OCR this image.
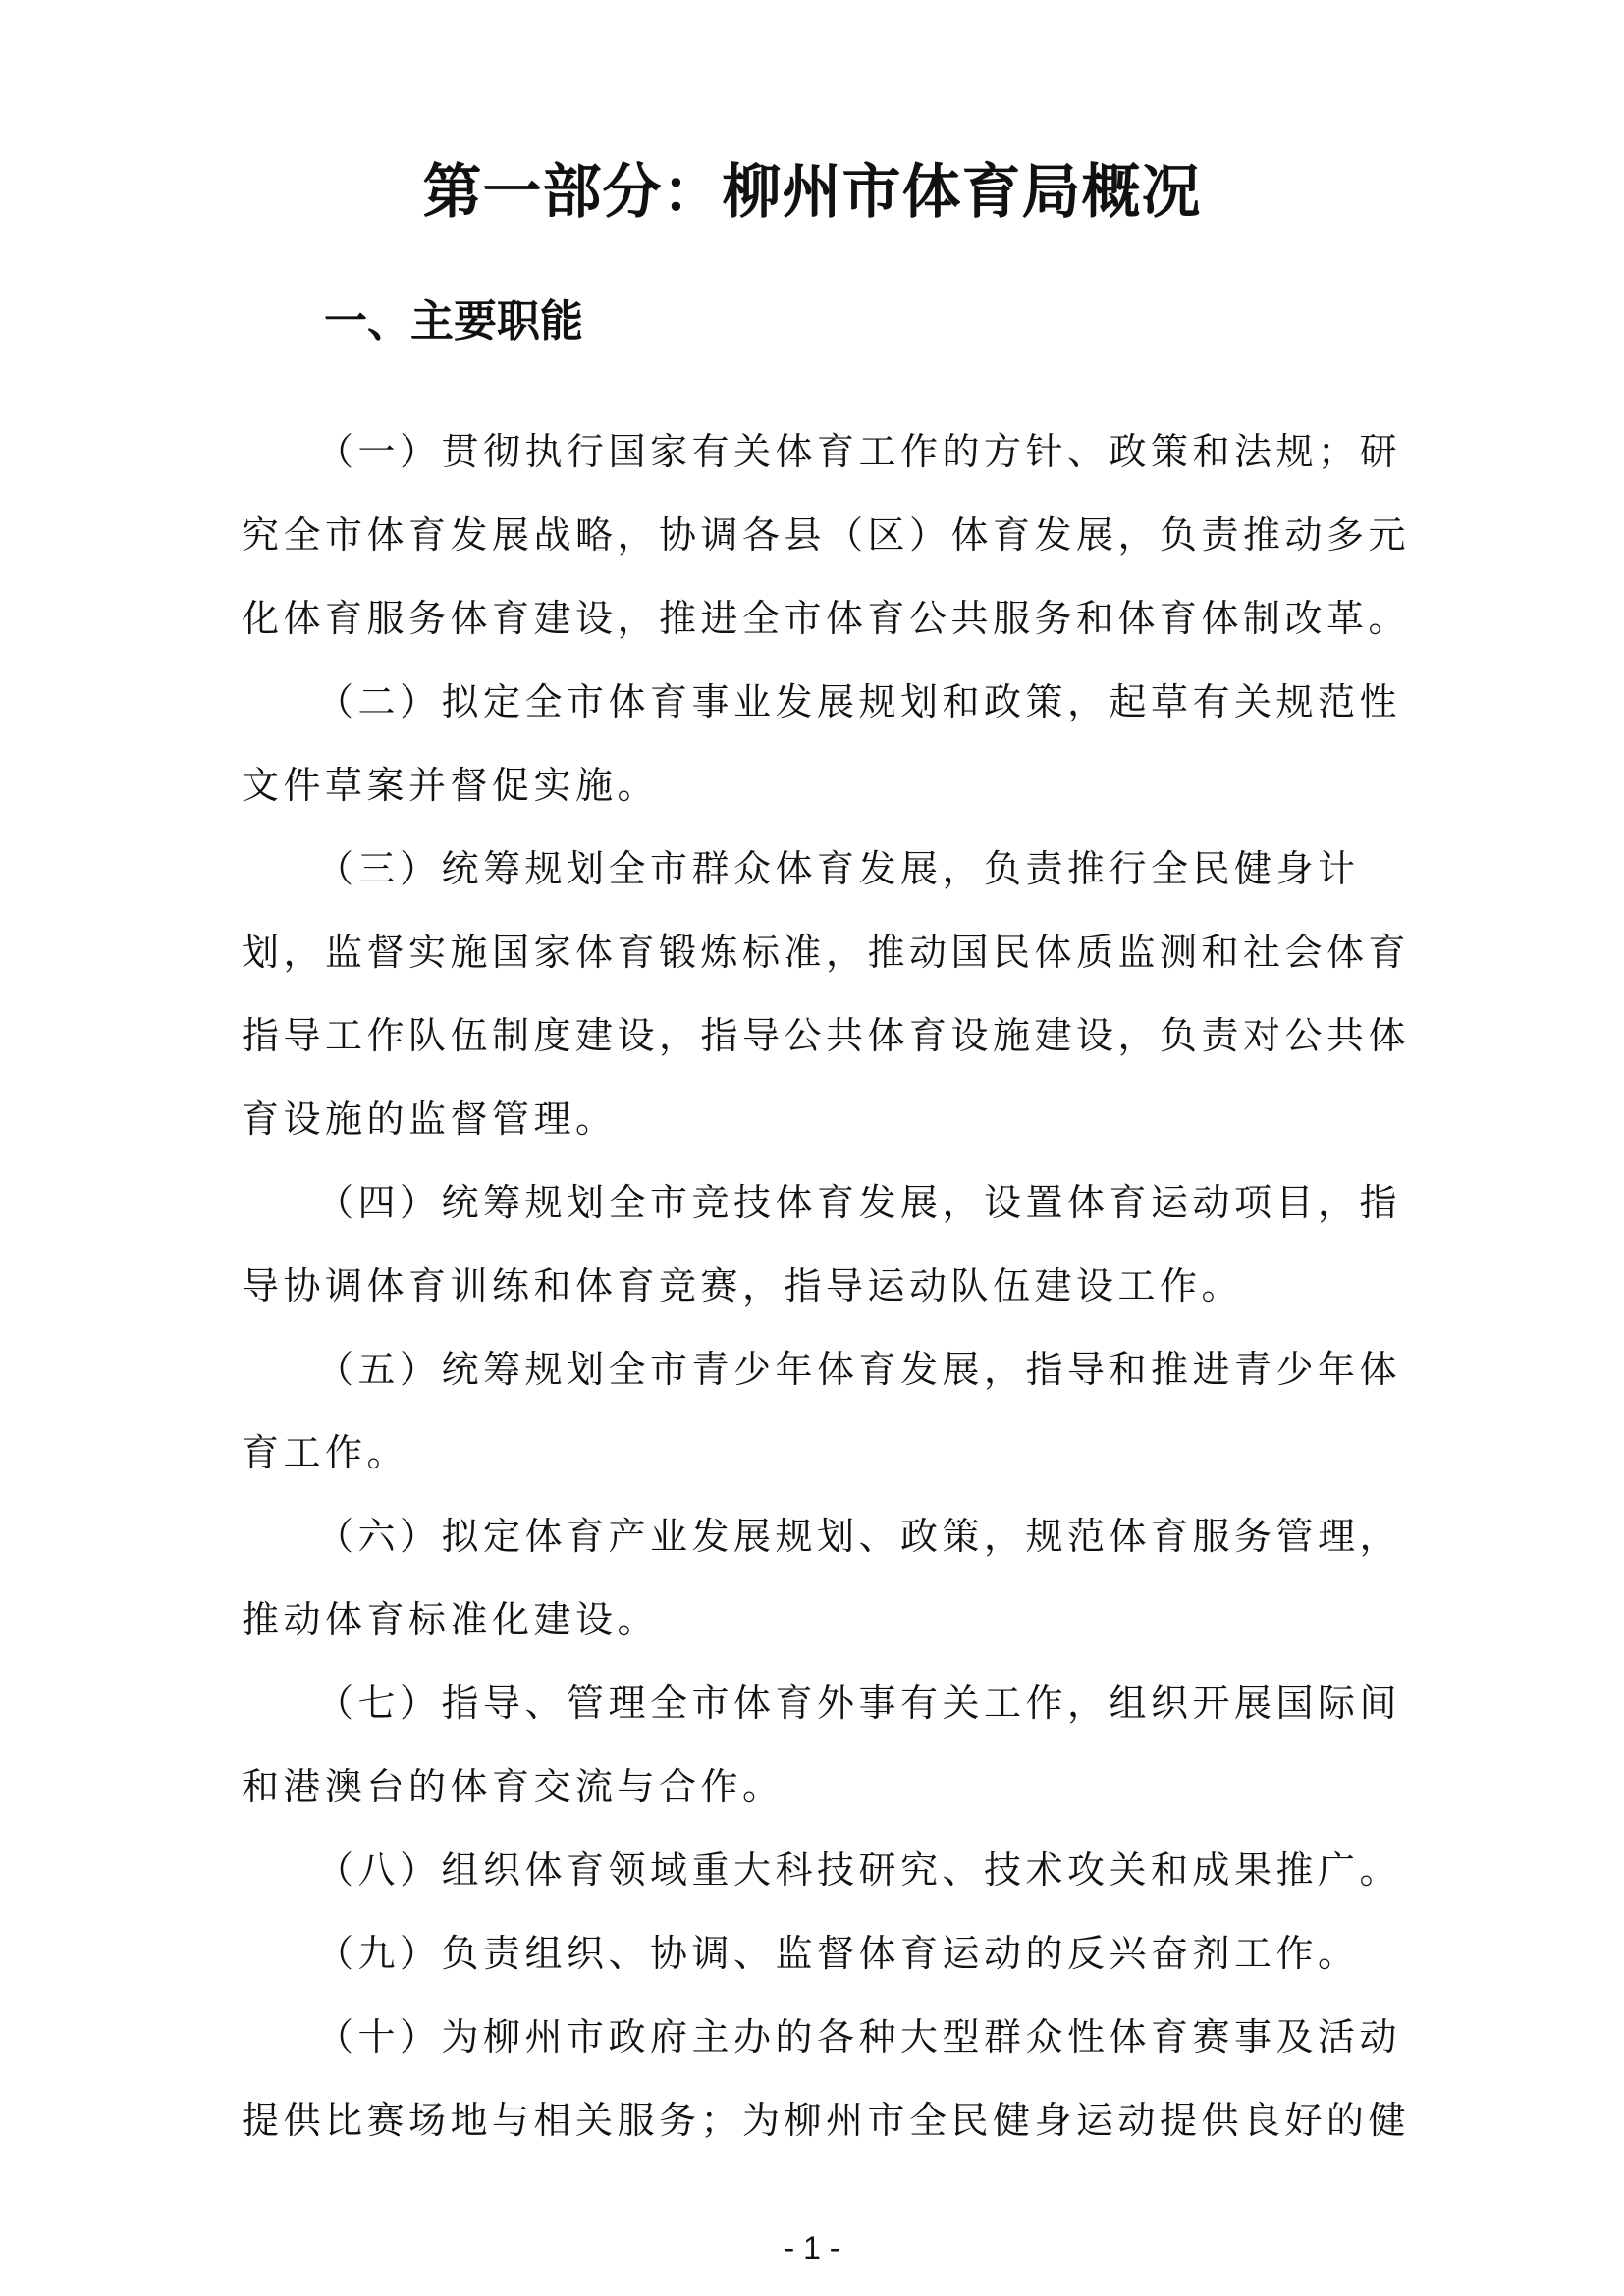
第一部分：柳州市体育局概况
一、主要职能

（一）贯彻执行国家有关体育工作的方针、政策和法规；研究全市体育发展战略，协调各县（区）体育发展，负责推动多元化体育服务体育建设，推进全市体育公共服务和体育体制改革。

（二）拟定全市体育事业发展规划和政策，起草有关规范性文件草案并督促实施。

（三）统筹规划全市群众体育发展，负责推行全民健身计划，监督实施国家体育锻炼标准，推动国民体质监测和社会体育指导工作队伍制度建设，指导公共体育设施建设，负责对公共体育设施的监督管理。

（四）统筹规划全市竞技体育发展，设置体育运动项目，指导协调体育训练和体育竞赛，指导运动队伍建设工作。

（五）统筹规划全市青少年体育发展，指导和推进青少年体育工作。

（六）拟定体育产业发展规划、政策，规范体育服务管理，推动体育标准化建设。

（七）指导、管理全市体育外事有关工作，组织开展国际间和港澳台的体育交流与合作。

（八）组织体育领域重大科技研究、技术攻关和成果推广。

（九）负责组织、协调、监督体育运动的反兴奋剂工作。

（十）为柳州市政府主办的各种大型群众性体育赛事及活动提供比赛场地与相关服务；为柳州市全民健身运动提供良好的健

- 1 -
